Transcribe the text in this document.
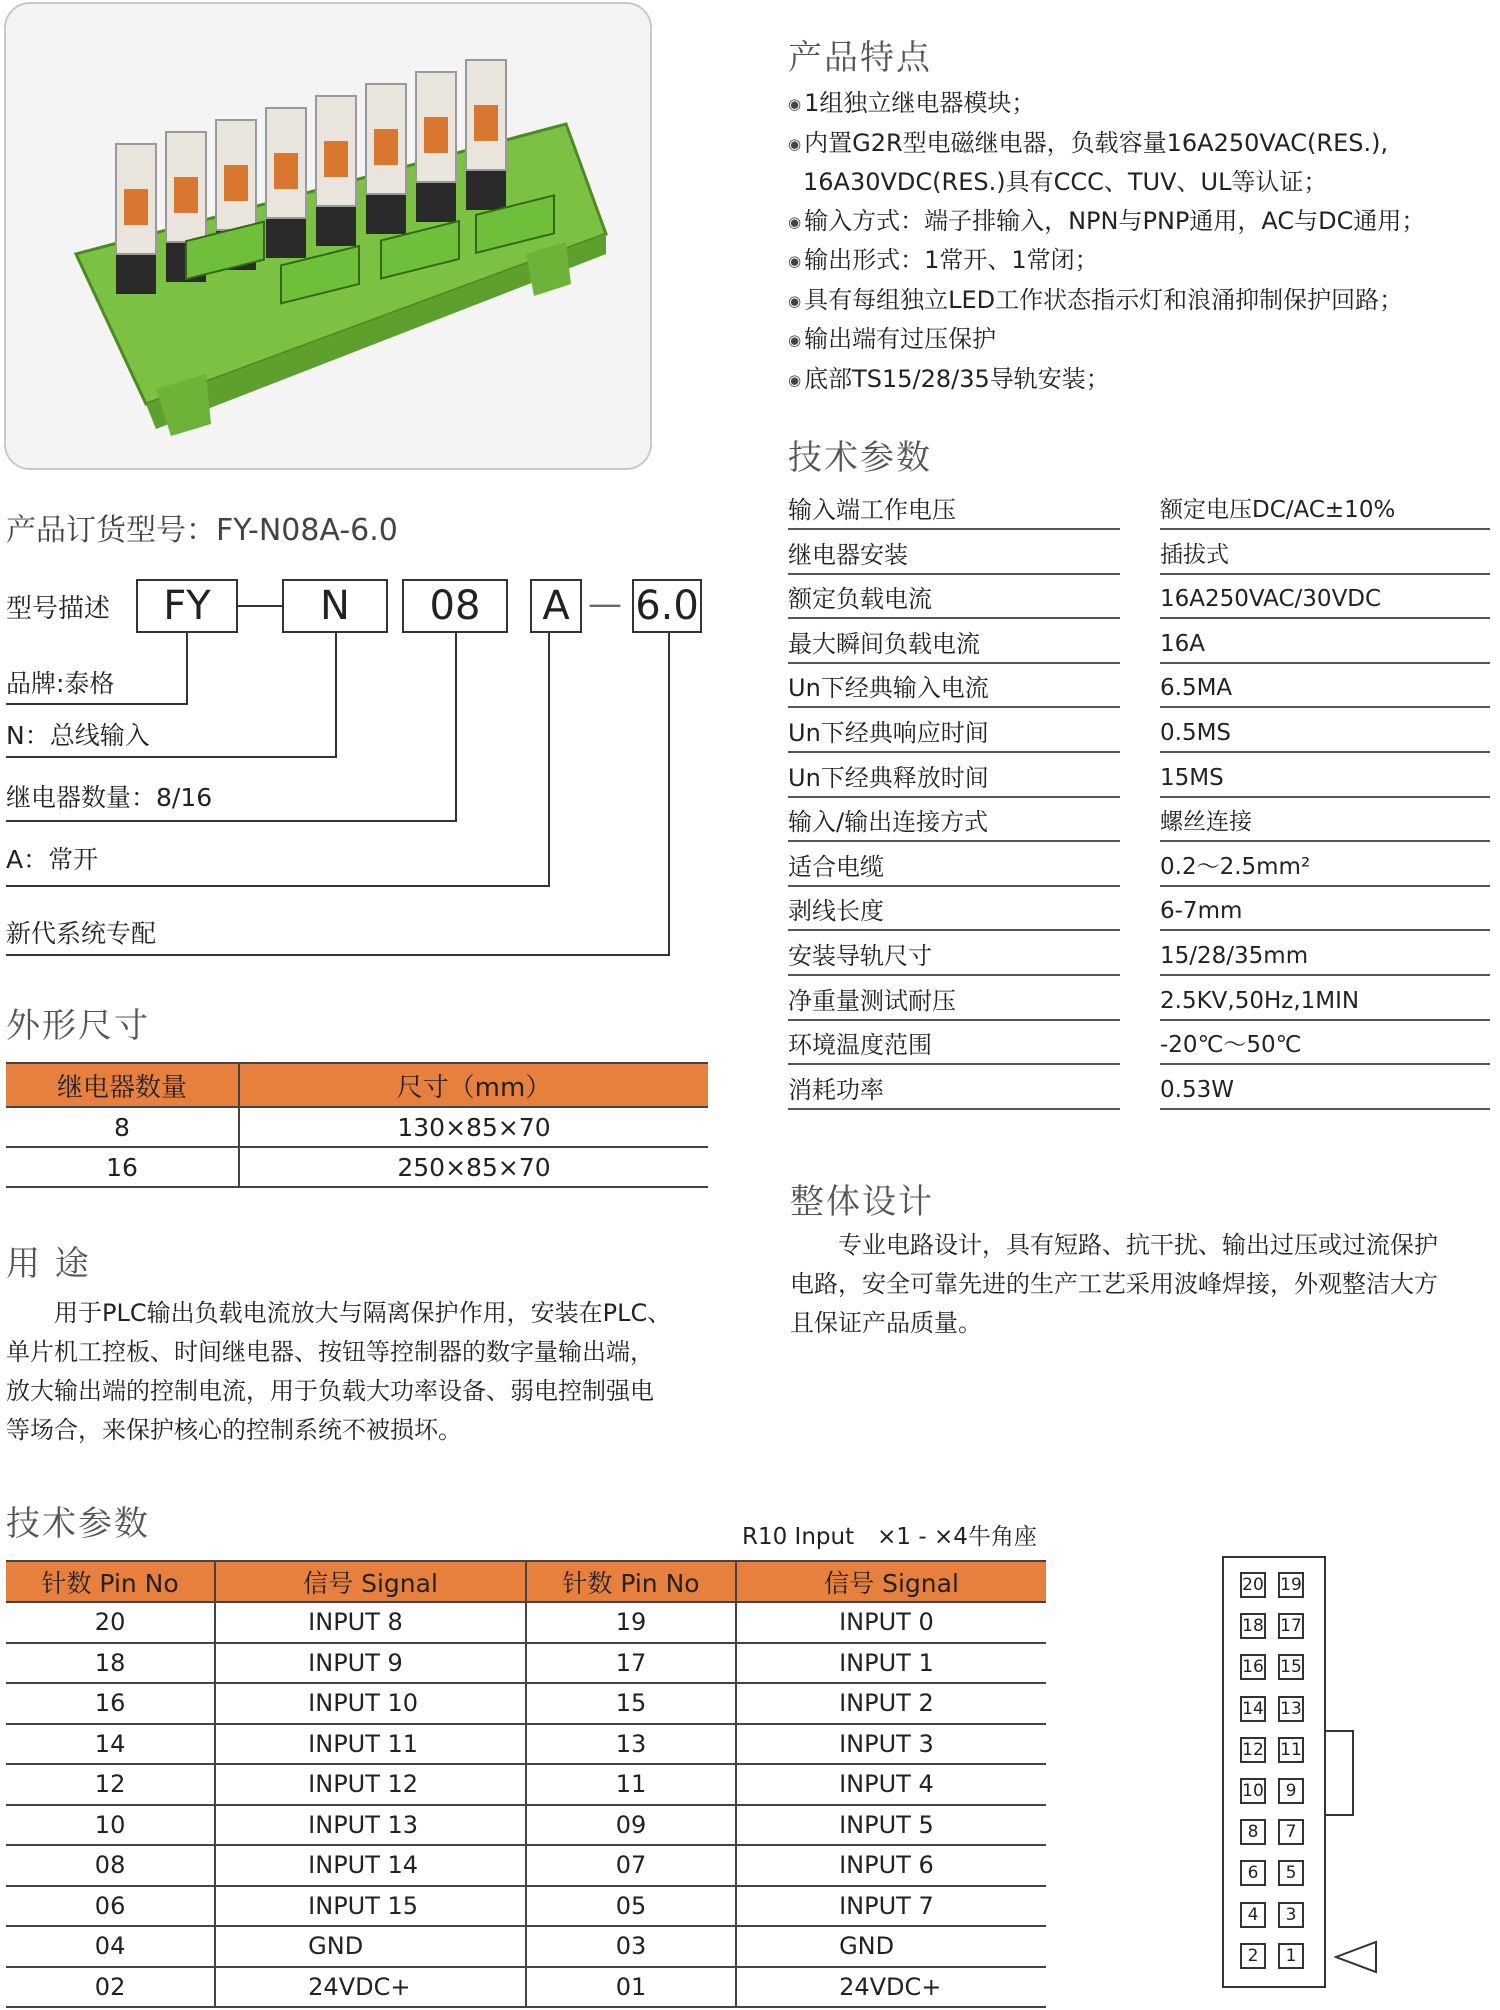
产品特点
◉ 1组独立继电器模块；
◉ 内置G2R型电磁继电器，负载容量16A250VAC(RES.),
16A30VDC(RES.)具有CCC、TUV、UL等认证；
◉ 输入方式：端子排输入，NPN与PNP通用，AC与DC通用；
◉ 输出形式：1常开、1常闭；
◉ 具有每组独立LED工作状态指示灯和浪涌抑制保护回路；
◉ 输出端有过压保护
◉ 底部TS15/28/35导轨安装；
技术参数
输入端工作电压	额定电压DC/AC±10%
继电器安装	插拔式
额定负载电流	16A250VAC/30VDC
最大瞬间负载电流	16A
Un下经典输入电流	6.5MA
Un下经典响应时间	0.5MS
Un下经典释放时间	15MS
输入/输出连接方式	螺丝连接
适合电缆	0.2～2.5mm²
剥线长度	6-7mm
安装导轨尺寸	15/28/35mm
净重量测试耐压	2.5KV,50Hz,1MIN
环境温度范围	-20℃～50℃
消耗功率	0.53W
产品订货型号：FY-N08A-6.0
型号描述	FY	N	08	A — 6.0
品牌:泰格
N：总线输入
继电器数量：8/16
A：常开
新代系统专配
外形尺寸
继电器数量	尺寸（mm）
8	130×85×70
16	250×85×70
用 途
　　用于PLC输出负载电流放大与隔离保护作用，安装在PLC、
单片机工控板、时间继电器、按钮等控制器的数字量输出端，
放大输出端的控制电流，用于负载大功率设备、弱电控制强电
等场合，来保护核心的控制系统不被损坏。
整体设计
　　专业电路设计，具有短路、抗干扰、输出过压或过流保护
电路，安全可靠先进的生产工艺采用波峰焊接，外观整洁大方
且保证产品质量。
技术参数	R10 Input　×1 - ×4牛角座
针数 Pin No	信号 Signal	针数 Pin No	信号 Signal
20	INPUT 8	19	INPUT 0
18	INPUT 9	17	INPUT 1
16	INPUT 10	15	INPUT 2
14	INPUT 11	13	INPUT 3
12	INPUT 12	11	INPUT 4
10	INPUT 13	09	INPUT 5
08	INPUT 14	07	INPUT 6
06	INPUT 15	05	INPUT 7
04	GND	03	GND
02	24VDC+	01	24VDC+
20 19
18 17
16 15
14 13
12 11
10	9
8	7
6	5
4	3
2	1
